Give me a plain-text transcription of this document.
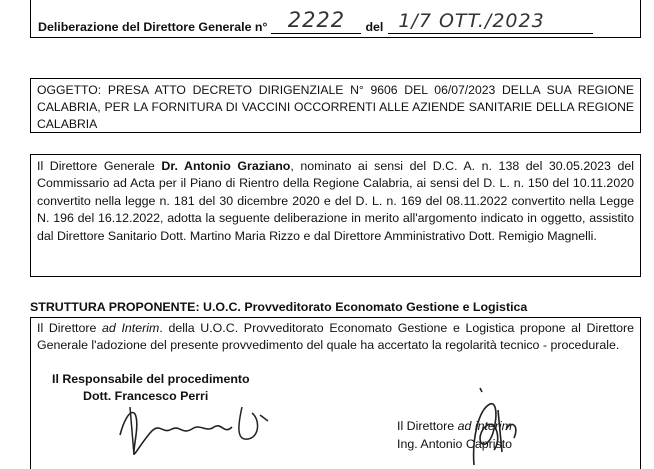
Deliberazione del Direttore Generale n° 2222	del 1/7 OTT./2023
OGGETTO: PRESA ATTO DECRETO DIRIGENZIALE N° 9606 DEL 06/07/2023 DELLA SUA REGIONE CALABRIA, PER LA FORNITURA DI VACCINI OCCORRENTI ALLE AZIENDE SANITARIE DELLA REGIONE CALABRIA
Il Direttore Generale Dr. Antonio Graziano, nominato ai sensi del D.C. A. n. 138 del 30.05.2023 del Commissario ad Acta per il Piano di Rientro della Regione Calabria, ai sensi del D. L. n. 150 del 10.11.2020 convertito nella legge n. 181 del 30 dicembre 2020 e del D. L. n. 169 del 08.11.2022 convertito nella Legge N. 196 del 16.12.2022, adotta la seguente deliberazione in merito all'argomento indicato in oggetto, assistito dal Direttore Sanitario Dott. Martino Maria Rizzo e dal Direttore Amministrativo Dott. Remigio Magnelli.
STRUTTURA PROPONENTE: U.O.C. Provveditorato Economato Gestione e Logistica
Il Direttore ad Interim. della U.O.C. Provveditorato Economato Gestione e Logistica propone al Direttore Generale l'adozione del presente provvedimento del quale ha accertato la regolarità tecnico - procedurale.
Il Responsabile del procedimento
Dott. Francesco Perri
Il Direttore ad interim
Ing. Antonio Capristo
